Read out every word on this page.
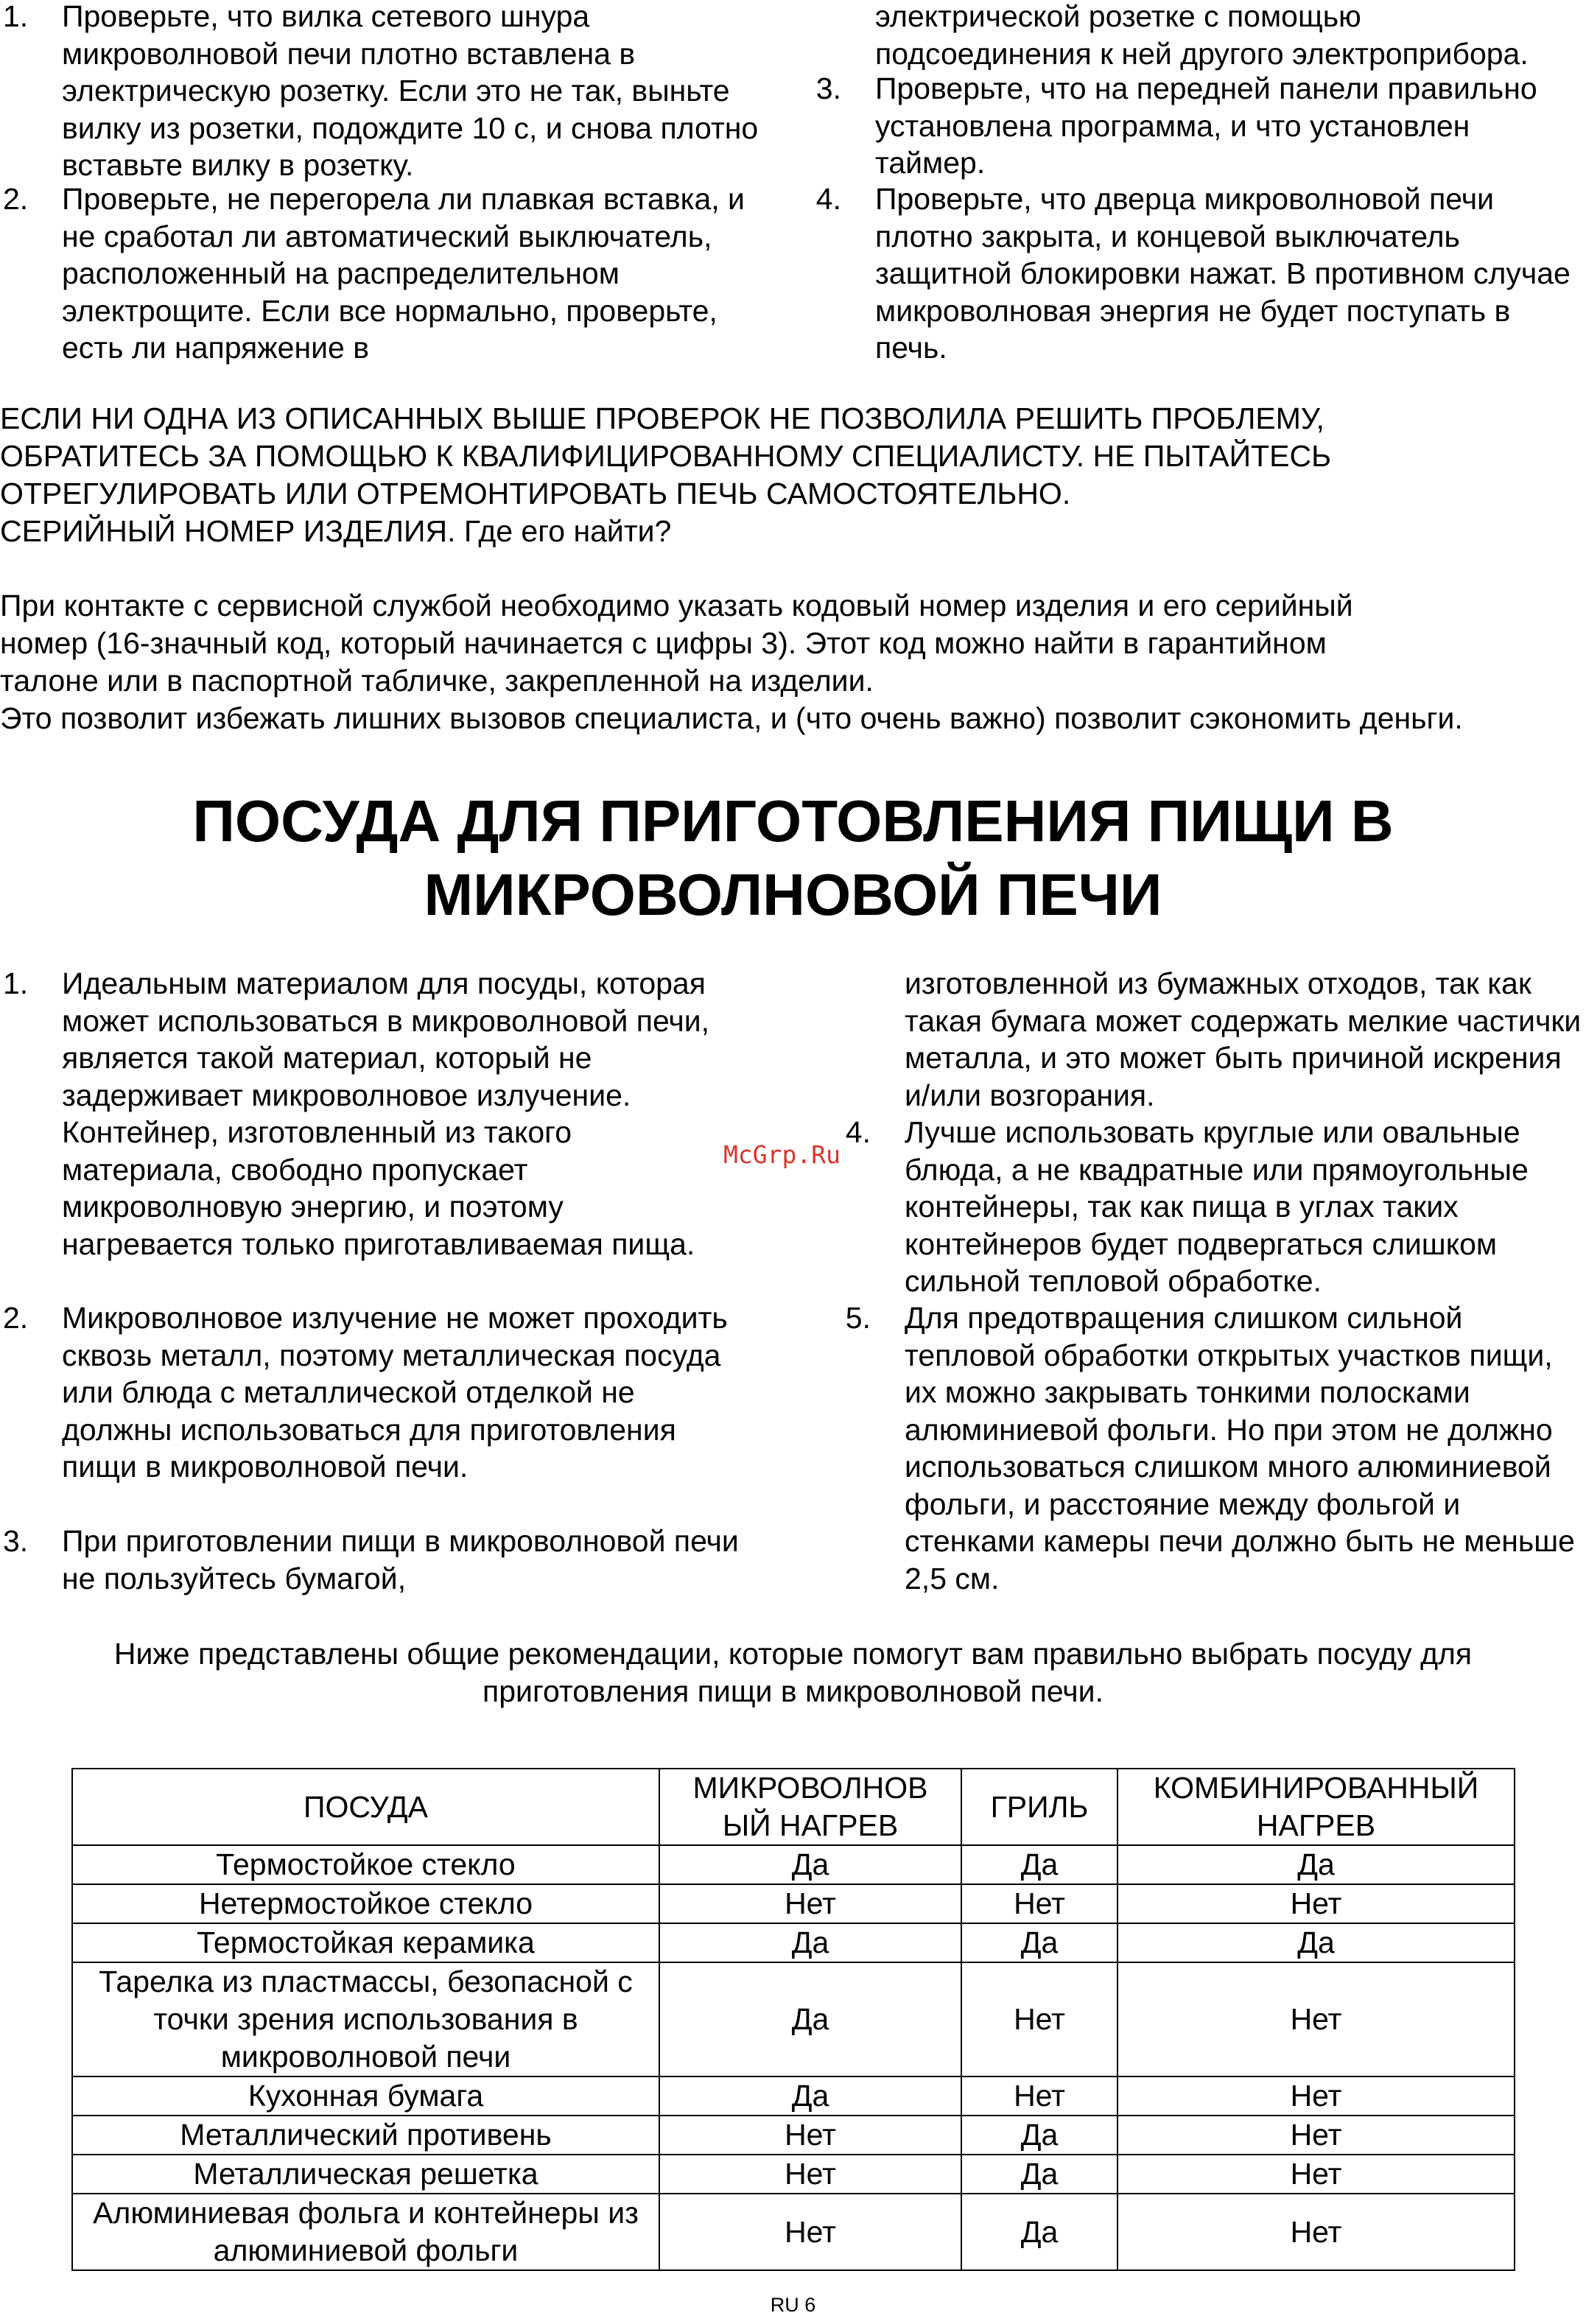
1. Проверьте, что вилка сетевого шнура микроволновой печи плотно вставлена в электрическую розетку. Если это не так, выньте вилку из розетки, подождите 10 с, и снова плотно вставьте вилку в розетку.
2. Проверьте, не перегорела ли плавкая вставка, и не сработал ли автоматический выключатель, расположенный на распределительном электрощите. Если все нормально, проверьте, есть ли напряжение в
электрической розетке с помощью подсоединения к ней другого электроприбора.
3. Проверьте, что на передней панели правильно установлена программа, и что установлен таймер.
4. Проверьте, что дверца микроволновой печи плотно закрыта, и концевой выключатель защитной блокировки нажат. В противном случае микроволновая энергия не будет поступать в печь.
ЕСЛИ НИ ОДНА ИЗ ОПИСАННЫХ ВЫШЕ ПРОВЕРОК НЕ ПОЗВОЛИЛА РЕШИТЬ ПРОБЛЕМУ,
ОБРАТИТЕСЬ ЗА ПОМОЩЬЮ К КВАЛИФИЦИРОВАННОМУ СПЕЦИАЛИСТУ. НЕ ПЫТАЙТЕСЬ
ОТРЕГУЛИРОВАТЬ ИЛИ ОТРЕМОНТИРОВАТЬ ПЕЧЬ САМОСТОЯТЕЛЬНО.
СЕРИЙНЫЙ НОМЕР ИЗДЕЛИЯ. Где его найти?
При контакте с сервисной службой необходимо указать кодовый номер изделия и его серийный
номер (16-значный код, который начинается с цифры 3). Этот код можно найти в гарантийном
талоне или в паспортной табличке, закрепленной на изделии.
Это позволит избежать лишних вызовов специалиста, и (что очень важно) позволит сэкономить деньги.
ПОСУДА ДЛЯ ПРИГОТОВЛЕНИЯ ПИЩИ В
МИКРОВОЛНОВОЙ ПЕЧИ
1. Идеальным материалом для посуды, которая может использоваться в микроволновой печи, является такой материал, который не задерживает микроволновое излучение. Контейнер, изготовленный из такого материала, свободно пропускает микроволновую энергию, и поэтому нагревается только приготавливаемая пища.
2. Микроволновое излучение не может проходить сквозь металл, поэтому металлическая посуда или блюда с металлической отделкой не должны использоваться для приготовления пищи в микроволновой печи.
3. При приготовлении пищи в микроволновой печи не пользуйтесь бумагой,
изготовленной из бумажных отходов, так как такая бумага может содержать мелкие частички металла, и это может быть причиной искрения и/или возгорания.
4. Лучше использовать круглые или овальные блюда, а не квадратные или прямоугольные контейнеры, так как пища в углах таких контейнеров будет подвергаться слишком сильной тепловой обработке.
5. Для предотвращения слишком сильной тепловой обработки открытых участков пищи, их можно закрывать тонкими полосками алюминиевой фольги. Но при этом не должно использоваться слишком много алюминиевой фольги, и расстояние между фольгой и стенками камеры печи должно быть не меньше 2,5 см.
Ниже представлены общие рекомендации, которые помогут вам правильно выбрать посуду для
приготовления пищи в микроволновой печи.
ПОСУДА	МИКРОВОЛНОВ ЫЙ НАГРЕВ	ГРИЛЬ	КОМБИНИРОВАННЫЙ НАГРЕВ
Термостойкое стекло	Да	Да	Да
Нетермостойкое стекло	Нет	Нет	Нет
Термостойкая керамика	Да	Да	Да
Тарелка из пластмассы, безопасной с точки зрения использования в микроволновой печи	Да	Нет	Нет
Кухонная бумага	Да	Нет	Нет
Металлический противень	Нет	Да	Нет
Металлическая решетка	Нет	Да	Нет
Алюминиевая фольга и контейнеры из алюминиевой фольги	Нет	Да	Нет
McGrp.Ru
RU 6
